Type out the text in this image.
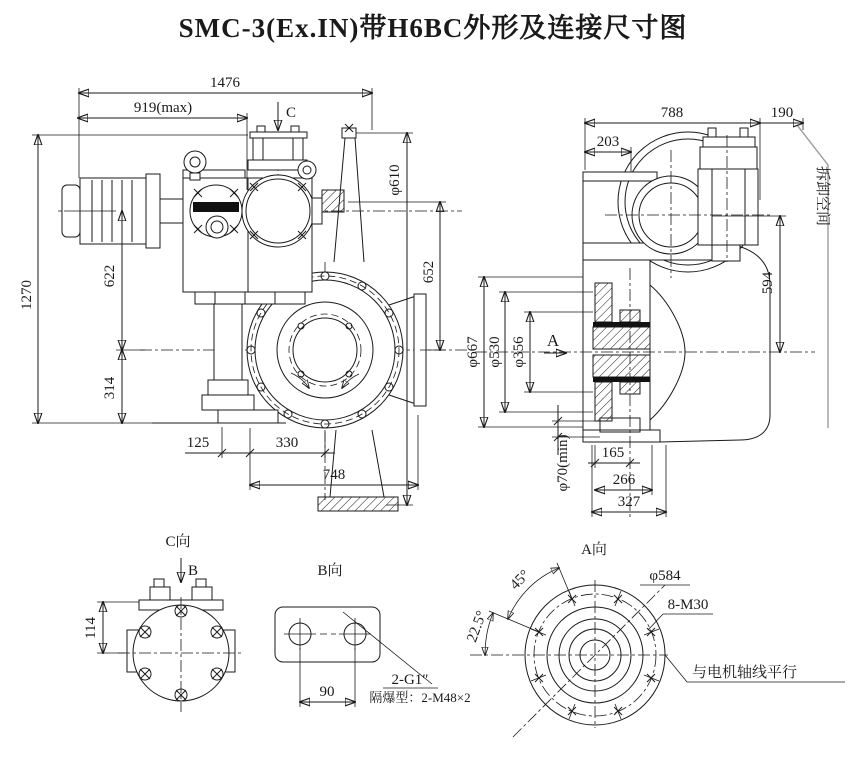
SMC-3(Ex.IN)带H6BC外形及连接尺寸图
1476
919(max)	C
φ610
652
1270
622
314
125	330
748
拆卸空间
788	190
203
594
φ667 φ530 φ356 A
φ70(min) 165
266
327
C向
B
114
B向
90
2-G1″
隔爆型：2-M48×2
A向
45°
22.5°
φ584
8-M30
与电机轴线平行
